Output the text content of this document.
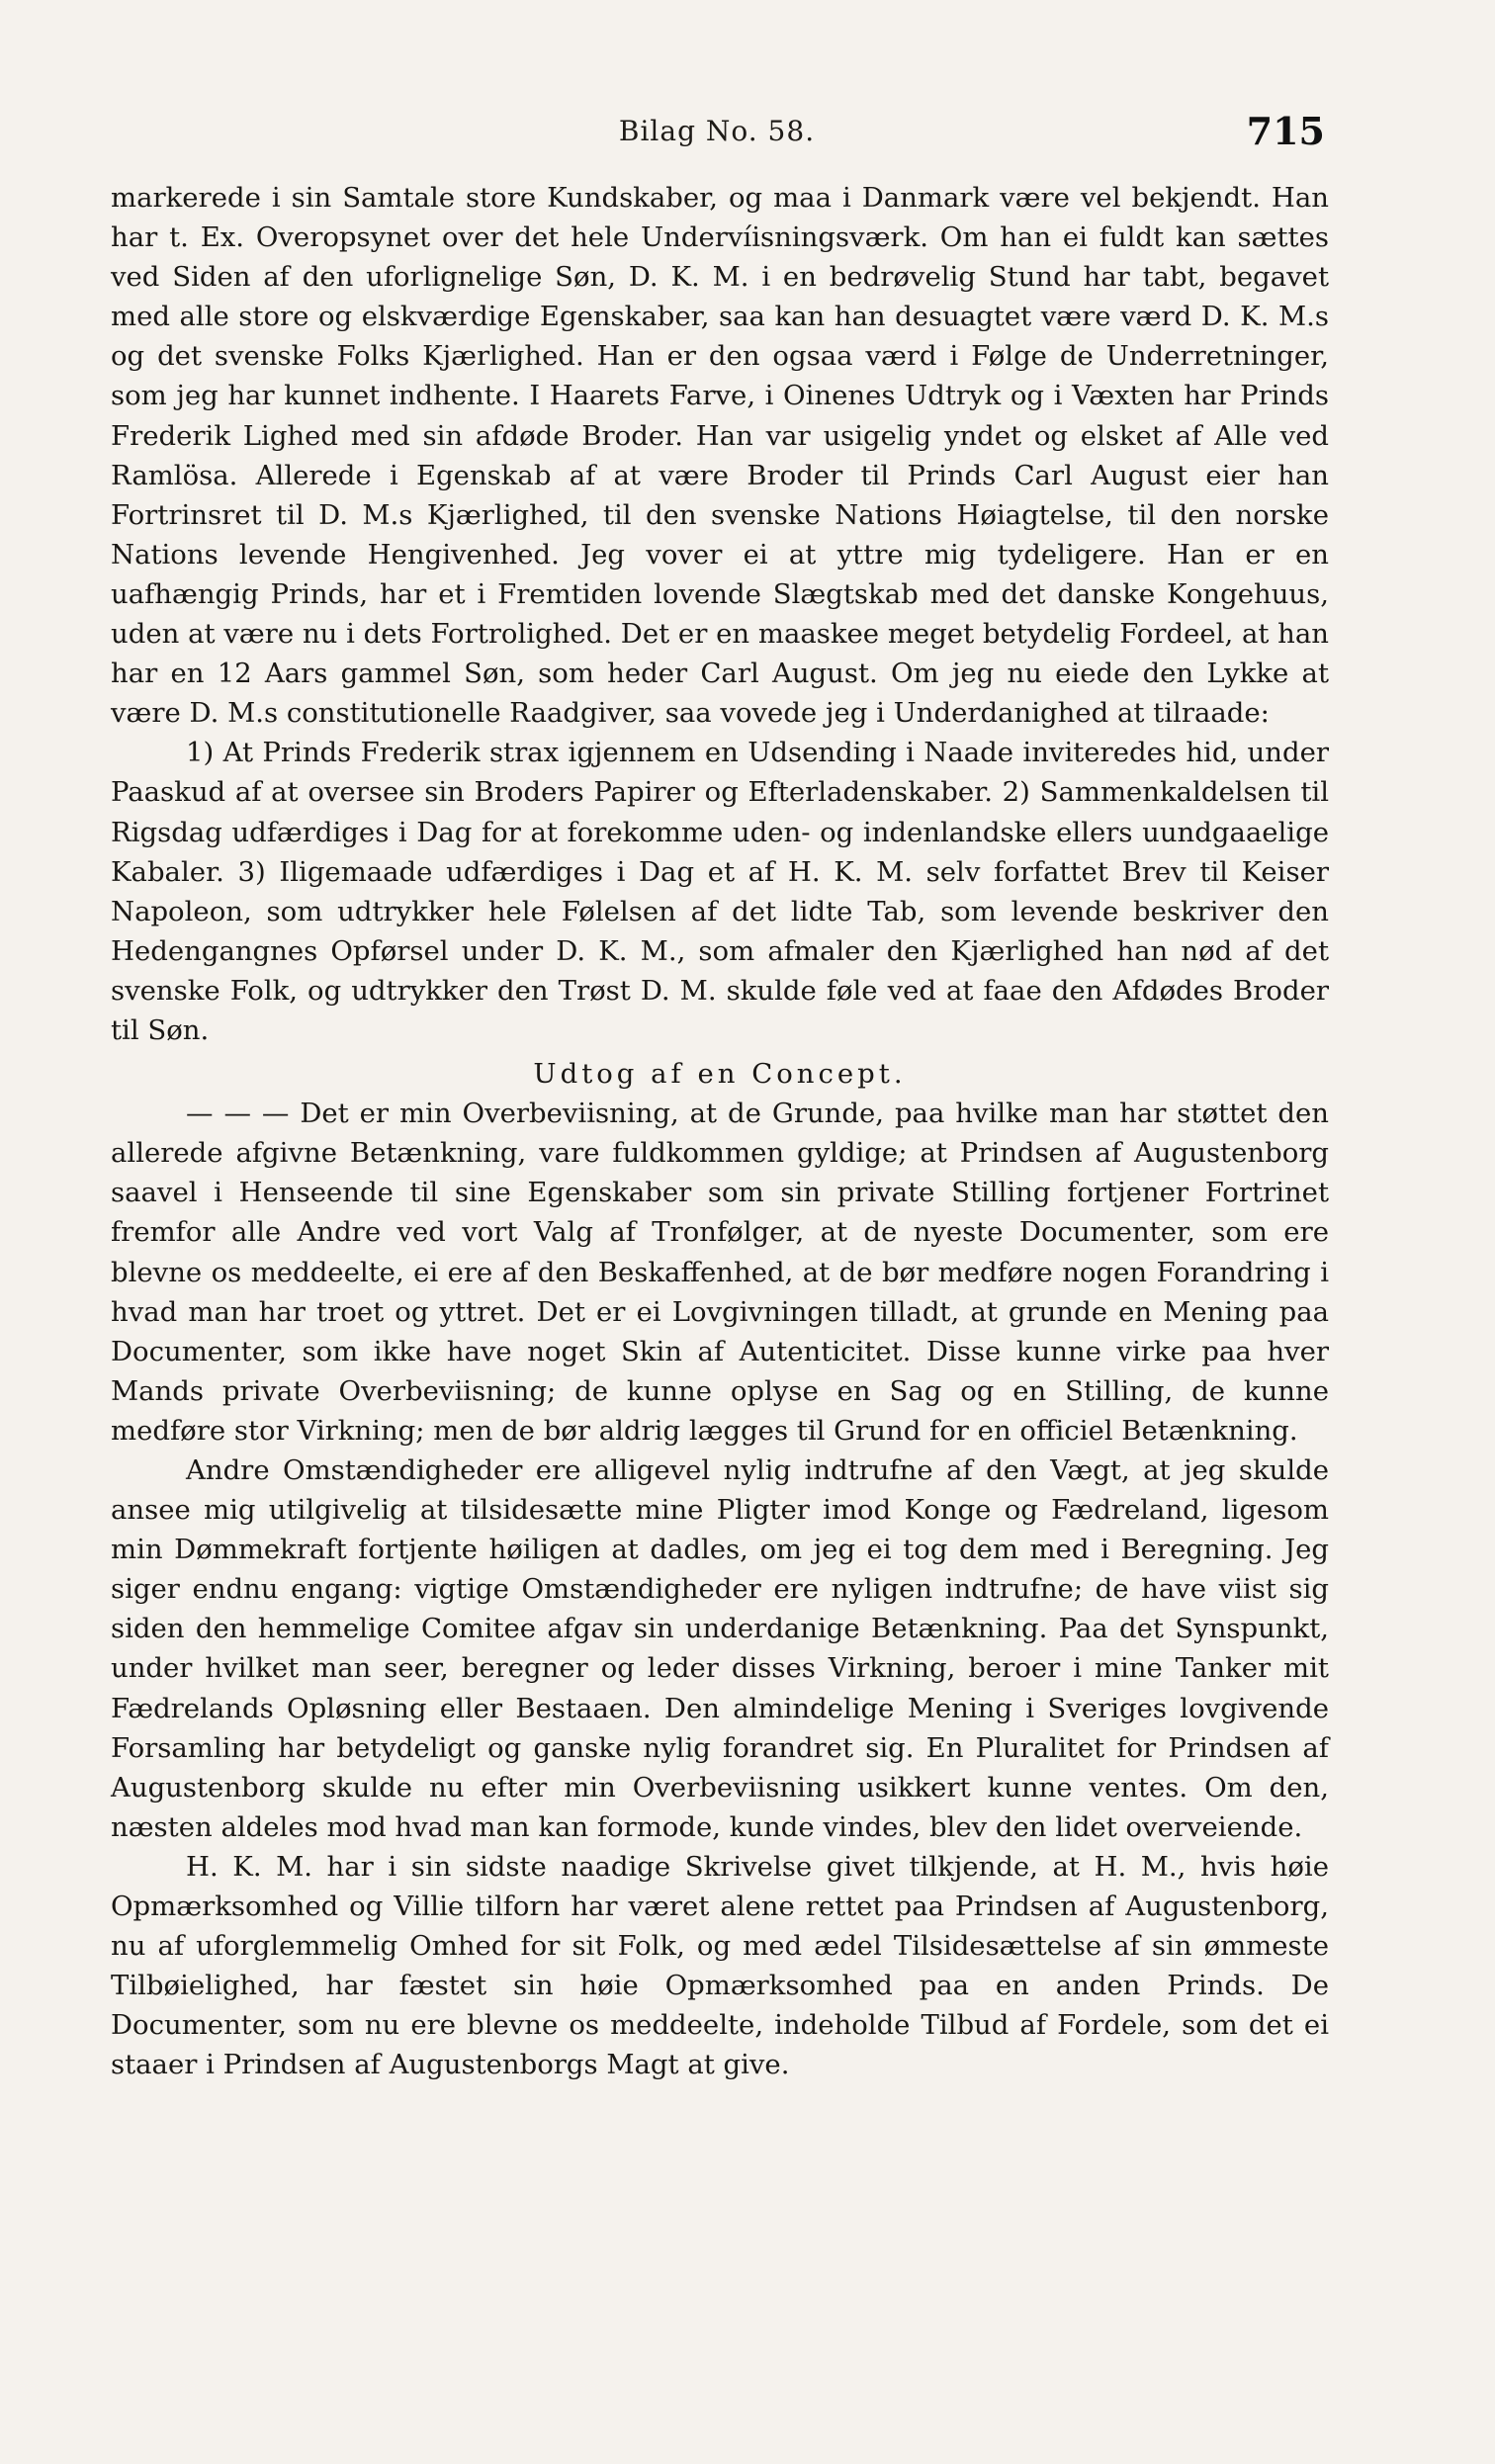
Bilag No. 58.	715

markerede i sin Samtale store Kundskaber, og maa i Danmark være vel bekjendt. Han har t. Ex. Overopsynet over det hele Undervíisningsværk. Om han ei fuldt kan sættes ved Siden af den uforlignelige Søn, D. K. M. i en bedrøvelig Stund har tabt, begavet med alle store og elskværdige Egenskaber, saa kan han desuagtet være værd D. K. M.s og det svenske Folks Kjærlighed. Han er den ogsaa værd i Følge de Underretninger, som jeg har kunnet indhente. I Haarets Farve, i Oinenes Udtryk og i Væxten har Prinds Frederik Lighed med sin afdøde Broder. Han var usigelig yndet og elsket af Alle ved Ramlösa. Allerede i Egenskab af at være Broder til Prinds Carl August eier han Fortrinsret til D. M.s Kjærlighed, til den svenske Nations Høiagtelse, til den norske Nations levende Hengivenhed. Jeg vover ei at yttre mig tydeligere. Han er en uafhængig Prinds, har et i Fremtiden lovende Slægtskab med det danske Kongehuus, uden at være nu i dets Fortrolighed. Det er en maaskee meget betydelig Fordeel, at han har en 12 Aars gammel Søn, som heder Carl August. Om jeg nu eiede den Lykke at være D. M.s constitutionelle Raadgiver, saa vovede jeg i Underdanighed at tilraade:

1) At Prinds Frederik strax igjennem en Udsending i Naade inviteredes hid, under Paaskud af at oversee sin Broders Papirer og Efterladenskaber. 2) Sammenkaldelsen til Rigsdag udfærdiges i Dag for at forekomme uden- og indenlandske ellers uundgaaelige Kabaler. 3) Iligemaade udfærdiges i Dag et af H. K. M. selv forfattet Brev til Keiser Napoleon, som udtrykker hele Følelsen af det lidte Tab, som levende beskriver den Hedengangnes Opførsel under D. K. M., som afmaler den Kjærlighed han nød af det svenske Folk, og udtrykker den Trøst D. M. skulde føle ved at faae den Afdødes Broder til Søn.

Udtog af en Concept.

— — — Det er min Overbeviisning, at de Grunde, paa hvilke man har støttet den allerede afgivne Betænkning, vare fuldkommen gyldige; at Prindsen af Augustenborg saavel i Henseende til sine Egenskaber som sin private Stilling fortjener Fortrinet fremfor alle Andre ved vort Valg af Tronfølger, at de nyeste Documenter, som ere blevne os meddeelte, ei ere af den Beskaffenhed, at de bør medføre nogen Forandring i hvad man har troet og yttret. Det er ei Lovgivningen tilladt, at grunde en Mening paa Documenter, som ikke have noget Skin af Autenticitet. Disse kunne virke paa hver Mands private Overbeviisning; de kunne oplyse en Sag og en Stilling, de kunne medføre stor Virkning; men de bør aldrig lægges til Grund for en officiel Betænkning.

Andre Omstændigheder ere alligevel nylig indtrufne af den Vægt, at jeg skulde ansee mig utilgivelig at tilsidesætte mine Pligter imod Konge og Fædreland, ligesom min Dømmekraft fortjente høiligen at dadles, om jeg ei tog dem med i Beregning. Jeg siger endnu engang: vigtige Omstændigheder ere nyligen indtrufne; de have viist sig siden den hemmelige Comitee afgav sin underdanige Betænkning. Paa det Synspunkt, under hvilket man seer, beregner og leder disses Virkning, beroer i mine Tanker mit Fædrelands Opløsning eller Bestaaen. Den almindelige Mening i Sveriges lovgivende Forsamling har betydeligt og ganske nylig forandret sig. En Pluralitet for Prindsen af Augustenborg skulde nu efter min Overbeviisning usikkert kunne ventes. Om den, næsten aldeles mod hvad man kan formode, kunde vindes, blev den lidet overveiende.

H. K. M. har i sin sidste naadige Skrivelse givet tilkjende, at H. M., hvis høie Opmærksomhed og Villie tilforn har været alene rettet paa Prindsen af Augustenborg, nu af uforglemmelig Omhed for sit Folk, og med ædel Tilsidesættelse af sin ømmeste Tilbøielighed, har fæstet sin høie Opmærksomhed paa en anden Prinds. De Documenter, som nu ere blevne os meddeelte, indeholde Tilbud af Fordele, som det ei staaer i Prindsen af Augustenborgs Magt at give.
